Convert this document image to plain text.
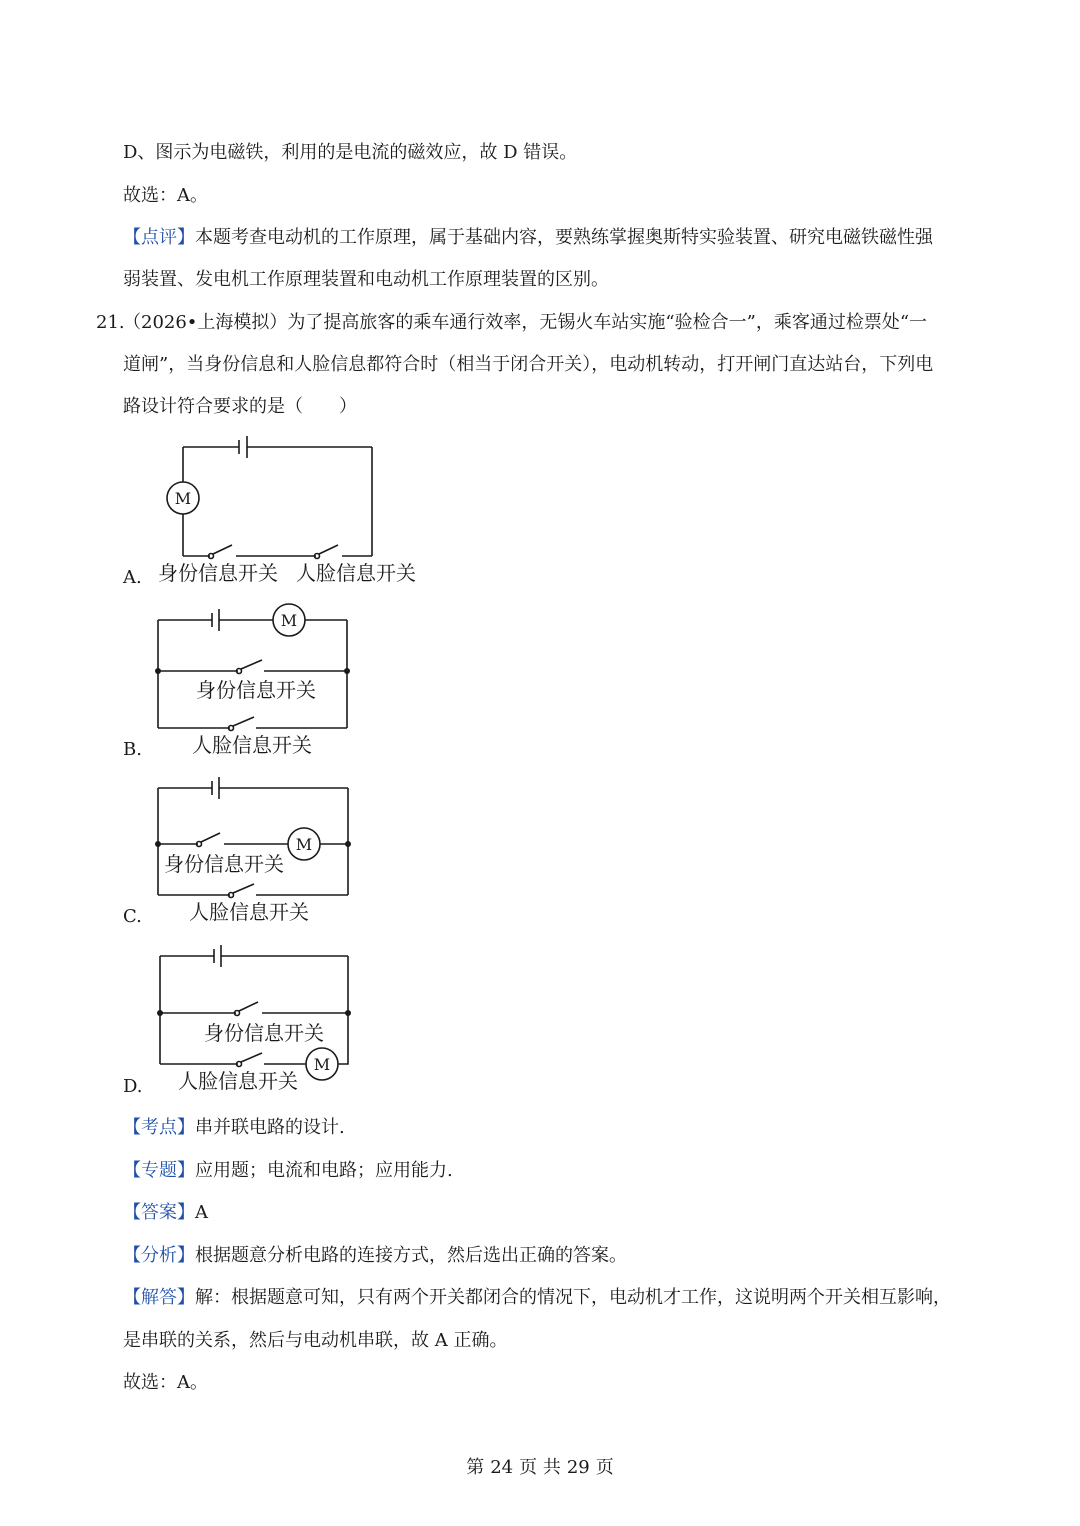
D、图示为电磁铁，利用的是电流的磁效应，故 D 错误。
故选：A。
【点评】本题考查电动机的工作原理，属于基础内容，要熟练掌握奥斯特实验装置、研究电磁铁磁性强
弱装置、发电机工作原理装置和电动机工作原理装置的区别。
21.
（2026•上海模拟）为了提高旅客的乘车通行效率，无锡火车站实施“验检合一”，乘客通过检票处“一
道闸”，当身份信息和人脸信息都符合时（相当于闭合开关），电动机转动，打开闸门直达站台，下列电
路设计符合要求的是（　　）
A.
M
身份信息开关 人脸信息开关
B.
M
身份信息开关
人脸信息开关
C.
M
身份信息开关
人脸信息开关
D.
M
身份信息开关
人脸信息开关
【考点】串并联电路的设计.
【专题】应用题；电流和电路；应用能力.
【答案】A
【分析】根据题意分析电路的连接方式，然后选出正确的答案。
【解答】解：根据题意可知，只有两个开关都闭合的情况下，电动机才工作，这说明两个开关相互影响，
是串联的关系，然后与电动机串联，故 A 正确。
故选：A。
第 24 页 共 29 页
